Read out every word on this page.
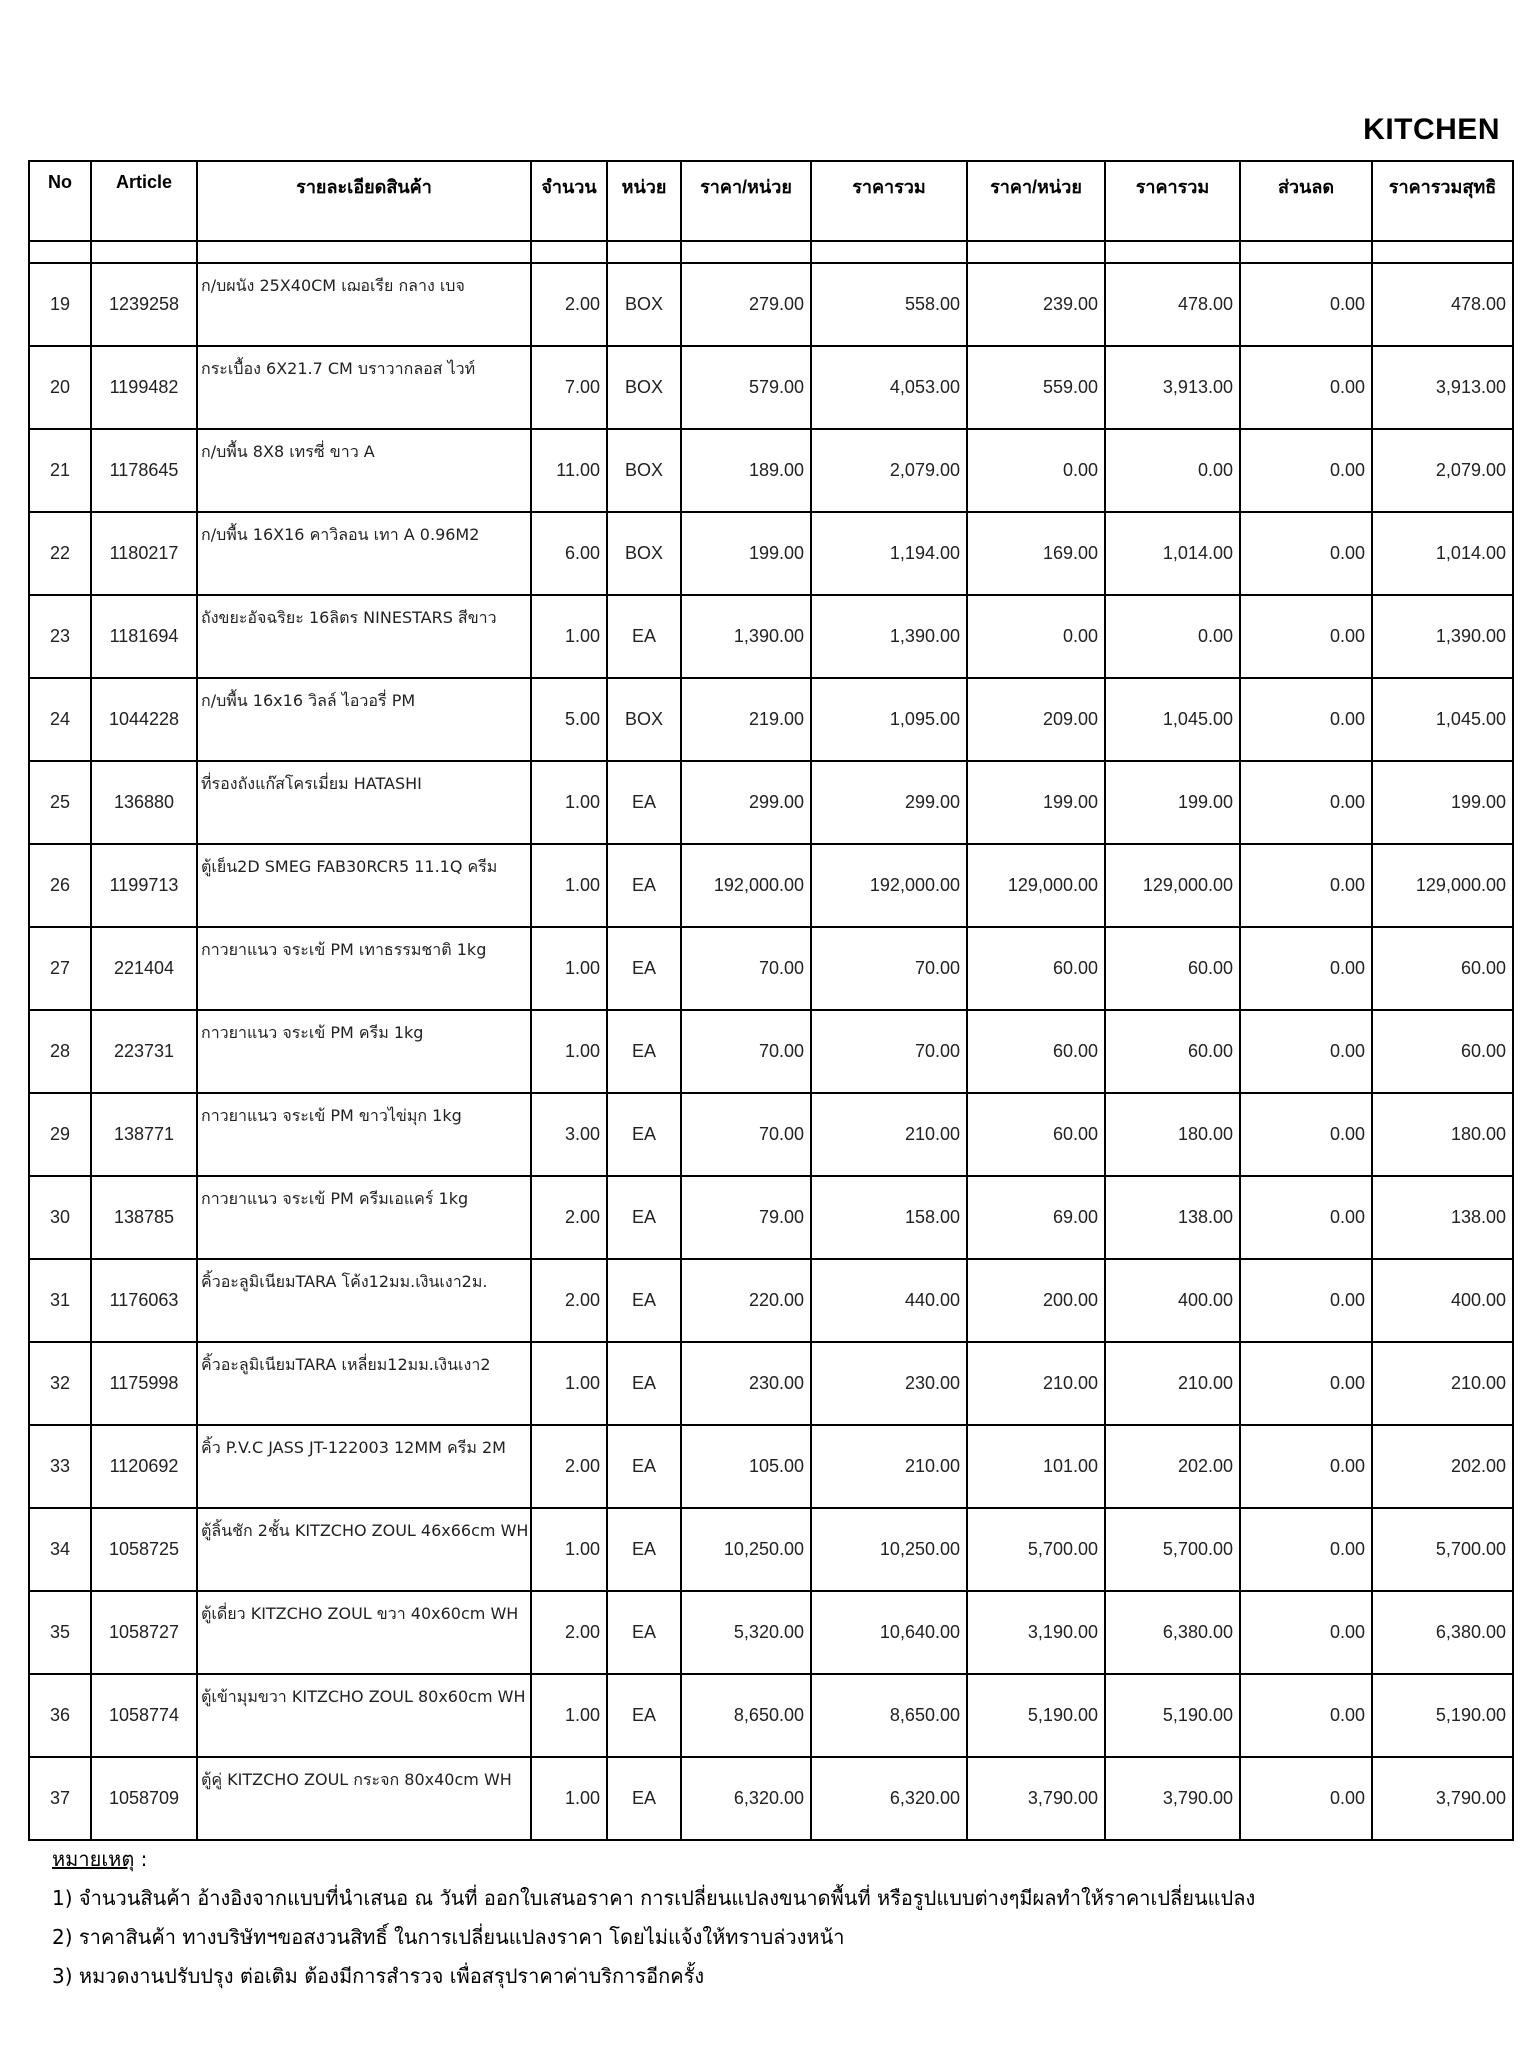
KITCHEN
No	Article	รายละเอียดสินค้า	จำนวน	หน่วย	ราคา/หน่วย	ราคารวม	ราคา/หน่วย	ราคารวม	ส่วนลด	ราคารวมสุทธิ

19	1239258	ก/บผนัง 25X40CM เฌอเรีย กลาง เบจ	2.00	BOX	279.00	558.00	239.00	478.00	0.00	478.00
20	1199482	กระเบื้อง 6X21.7 CM บราวากลอส ไวท์	7.00	BOX	579.00	4,053.00	559.00	3,913.00	0.00	3,913.00
21	1178645	ก/บพื้น 8X8 เทรซี่ ขาว A	11.00	BOX	189.00	2,079.00	0.00	0.00	0.00	2,079.00
22	1180217	ก/บพื้น 16X16 คาวิลอน เทา A 0.96M2	6.00	BOX	199.00	1,194.00	169.00	1,014.00	0.00	1,014.00
23	1181694	ถังขยะอัจฉริยะ 16ลิตร NINESTARS สีขาว	1.00	EA	1,390.00	1,390.00	0.00	0.00	0.00	1,390.00
24	1044228	ก/บพื้น 16x16 วิลล์ ไอวอรี่ PM	5.00	BOX	219.00	1,095.00	209.00	1,045.00	0.00	1,045.00
25	136880	ที่รองถังแก๊สโครเมี่ยม HATASHI	1.00	EA	299.00	299.00	199.00	199.00	0.00	199.00
26	1199713	ตู้เย็น2D SMEG FAB30RCR5 11.1Q ครีม	1.00	EA	192,000.00	192,000.00	129,000.00	129,000.00	0.00	129,000.00
27	221404	กาวยาแนว จระเข้ PM เทาธรรมชาติ 1kg	1.00	EA	70.00	70.00	60.00	60.00	0.00	60.00
28	223731	กาวยาแนว จระเข้ PM ครีม 1kg	1.00	EA	70.00	70.00	60.00	60.00	0.00	60.00
29	138771	กาวยาแนว จระเข้ PM ขาวไข่มุก 1kg	3.00	EA	70.00	210.00	60.00	180.00	0.00	180.00
30	138785	กาวยาแนว จระเข้ PM ครีมเอแคร์ 1kg	2.00	EA	79.00	158.00	69.00	138.00	0.00	138.00
31	1176063	คิ้วอะลูมิเนียมTARA โค้ง12มม.เงินเงา2ม.	2.00	EA	220.00	440.00	200.00	400.00	0.00	400.00
32	1175998	คิ้วอะลูมิเนียมTARA เหลี่ยม12มม.เงินเงา2	1.00	EA	230.00	230.00	210.00	210.00	0.00	210.00
33	1120692	คิ้ว P.V.C JASS JT-122003 12MM ครีม 2M	2.00	EA	105.00	210.00	101.00	202.00	0.00	202.00
34	1058725	ตู้ลิ้นชัก 2ชั้น KITZCHO ZOUL 46x66cm WH	1.00	EA	10,250.00	10,250.00	5,700.00	5,700.00	0.00	5,700.00
35	1058727	ตู้เดี่ยว KITZCHO ZOUL ขวา 40x60cm WH	2.00	EA	5,320.00	10,640.00	3,190.00	6,380.00	0.00	6,380.00
36	1058774	ตู้เข้ามุมขวา KITZCHO ZOUL 80x60cm WH	1.00	EA	8,650.00	8,650.00	5,190.00	5,190.00	0.00	5,190.00
37	1058709	ตู้คู่ KITZCHO ZOUL กระจก 80x40cm WH	1.00	EA	6,320.00	6,320.00	3,790.00	3,790.00	0.00	3,790.00
หมายเหตุ :
1) จำนวนสินค้า อ้างอิงจากแบบที่นำเสนอ ณ วันที่ ออกใบเสนอราคา การเปลี่ยนแปลงขนาดพื้นที่ หรือรูปแบบต่างๆมีผลทำให้ราคาเปลี่ยนแปลง
2) ราคาสินค้า ทางบริษัทฯขอสงวนสิทธิ์ ในการเปลี่ยนแปลงราคา โดยไม่แจ้งให้ทราบล่วงหน้า
3) หมวดงานปรับปรุง ต่อเติม ต้องมีการสำรวจ เพื่อสรุปราคาค่าบริการอีกครั้ง
